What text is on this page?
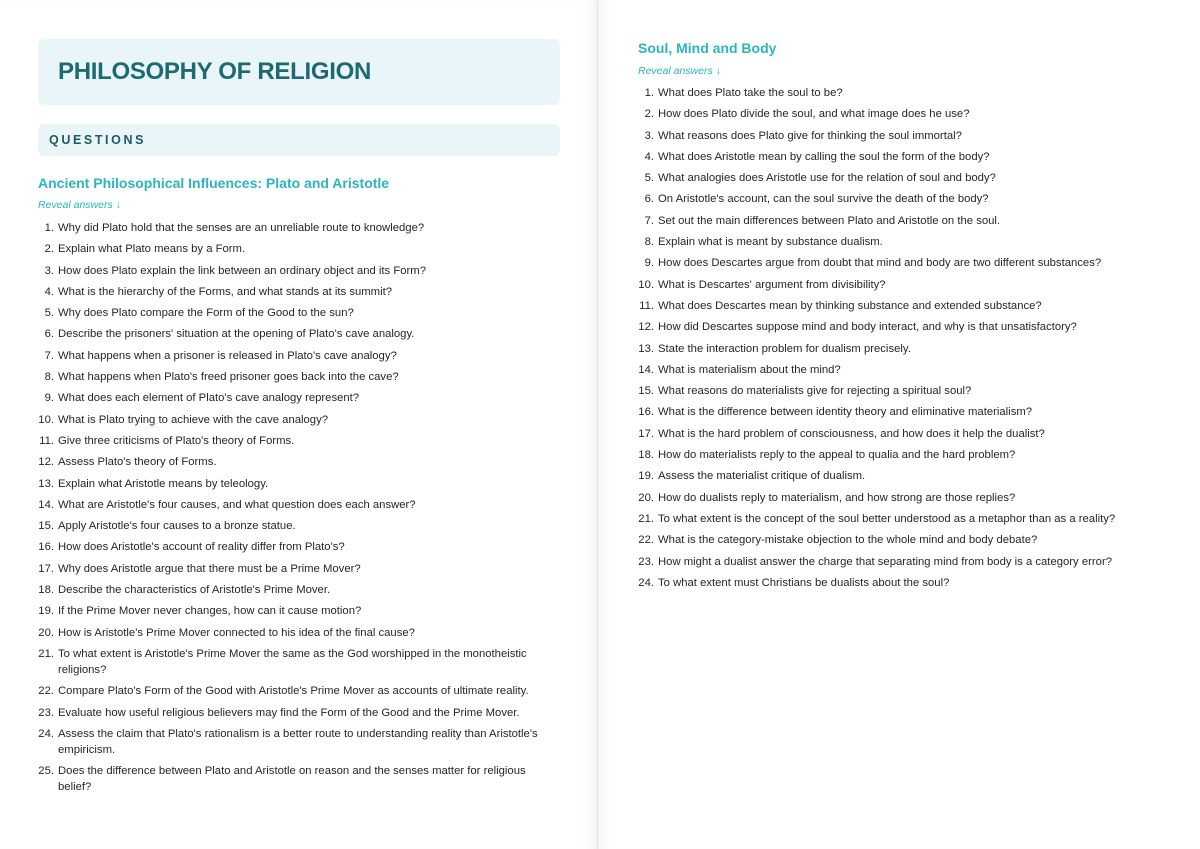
PHILOSOPHY OF RELIGION
QUESTIONS
Ancient Philosophical Influences: Plato and Aristotle
Reveal answers ↓
1. Why did Plato hold that the senses are an unreliable route to knowledge?
2. Explain what Plato means by a Form.
3. How does Plato explain the link between an ordinary object and its Form?
4. What is the hierarchy of the Forms, and what stands at its summit?
5. Why does Plato compare the Form of the Good to the sun?
6. Describe the prisoners' situation at the opening of Plato's cave analogy.
7. What happens when a prisoner is released in Plato's cave analogy?
8. What happens when Plato's freed prisoner goes back into the cave?
9. What does each element of Plato's cave analogy represent?
10. What is Plato trying to achieve with the cave analogy?
11. Give three criticisms of Plato's theory of Forms.
12. Assess Plato's theory of Forms.
13. Explain what Aristotle means by teleology.
14. What are Aristotle's four causes, and what question does each answer?
15. Apply Aristotle's four causes to a bronze statue.
16. How does Aristotle's account of reality differ from Plato's?
17. Why does Aristotle argue that there must be a Prime Mover?
18. Describe the characteristics of Aristotle's Prime Mover.
19. If the Prime Mover never changes, how can it cause motion?
20. How is Aristotle's Prime Mover connected to his idea of the final cause?
21. To what extent is Aristotle's Prime Mover the same as the God worshipped in the monotheistic religions?
22. Compare Plato's Form of the Good with Aristotle's Prime Mover as accounts of ultimate reality.
23. Evaluate how useful religious believers may find the Form of the Good and the Prime Mover.
24. Assess the claim that Plato's rationalism is a better route to understanding reality than Aristotle's empiricism.
25. Does the difference between Plato and Aristotle on reason and the senses matter for religious belief?
Soul, Mind and Body
Reveal answers ↓
1. What does Plato take the soul to be?
2. How does Plato divide the soul, and what image does he use?
3. What reasons does Plato give for thinking the soul immortal?
4. What does Aristotle mean by calling the soul the form of the body?
5. What analogies does Aristotle use for the relation of soul and body?
6. On Aristotle's account, can the soul survive the death of the body?
7. Set out the main differences between Plato and Aristotle on the soul.
8. Explain what is meant by substance dualism.
9. How does Descartes argue from doubt that mind and body are two different substances?
10. What is Descartes' argument from divisibility?
11. What does Descartes mean by thinking substance and extended substance?
12. How did Descartes suppose mind and body interact, and why is that unsatisfactory?
13. State the interaction problem for dualism precisely.
14. What is materialism about the mind?
15. What reasons do materialists give for rejecting a spiritual soul?
16. What is the difference between identity theory and eliminative materialism?
17. What is the hard problem of consciousness, and how does it help the dualist?
18. How do materialists reply to the appeal to qualia and the hard problem?
19. Assess the materialist critique of dualism.
20. How do dualists reply to materialism, and how strong are those replies?
21. To what extent is the concept of the soul better understood as a metaphor than as a reality?
22. What is the category-mistake objection to the whole mind and body debate?
23. How might a dualist answer the charge that separating mind from body is a category error?
24. To what extent must Christians be dualists about the soul?
